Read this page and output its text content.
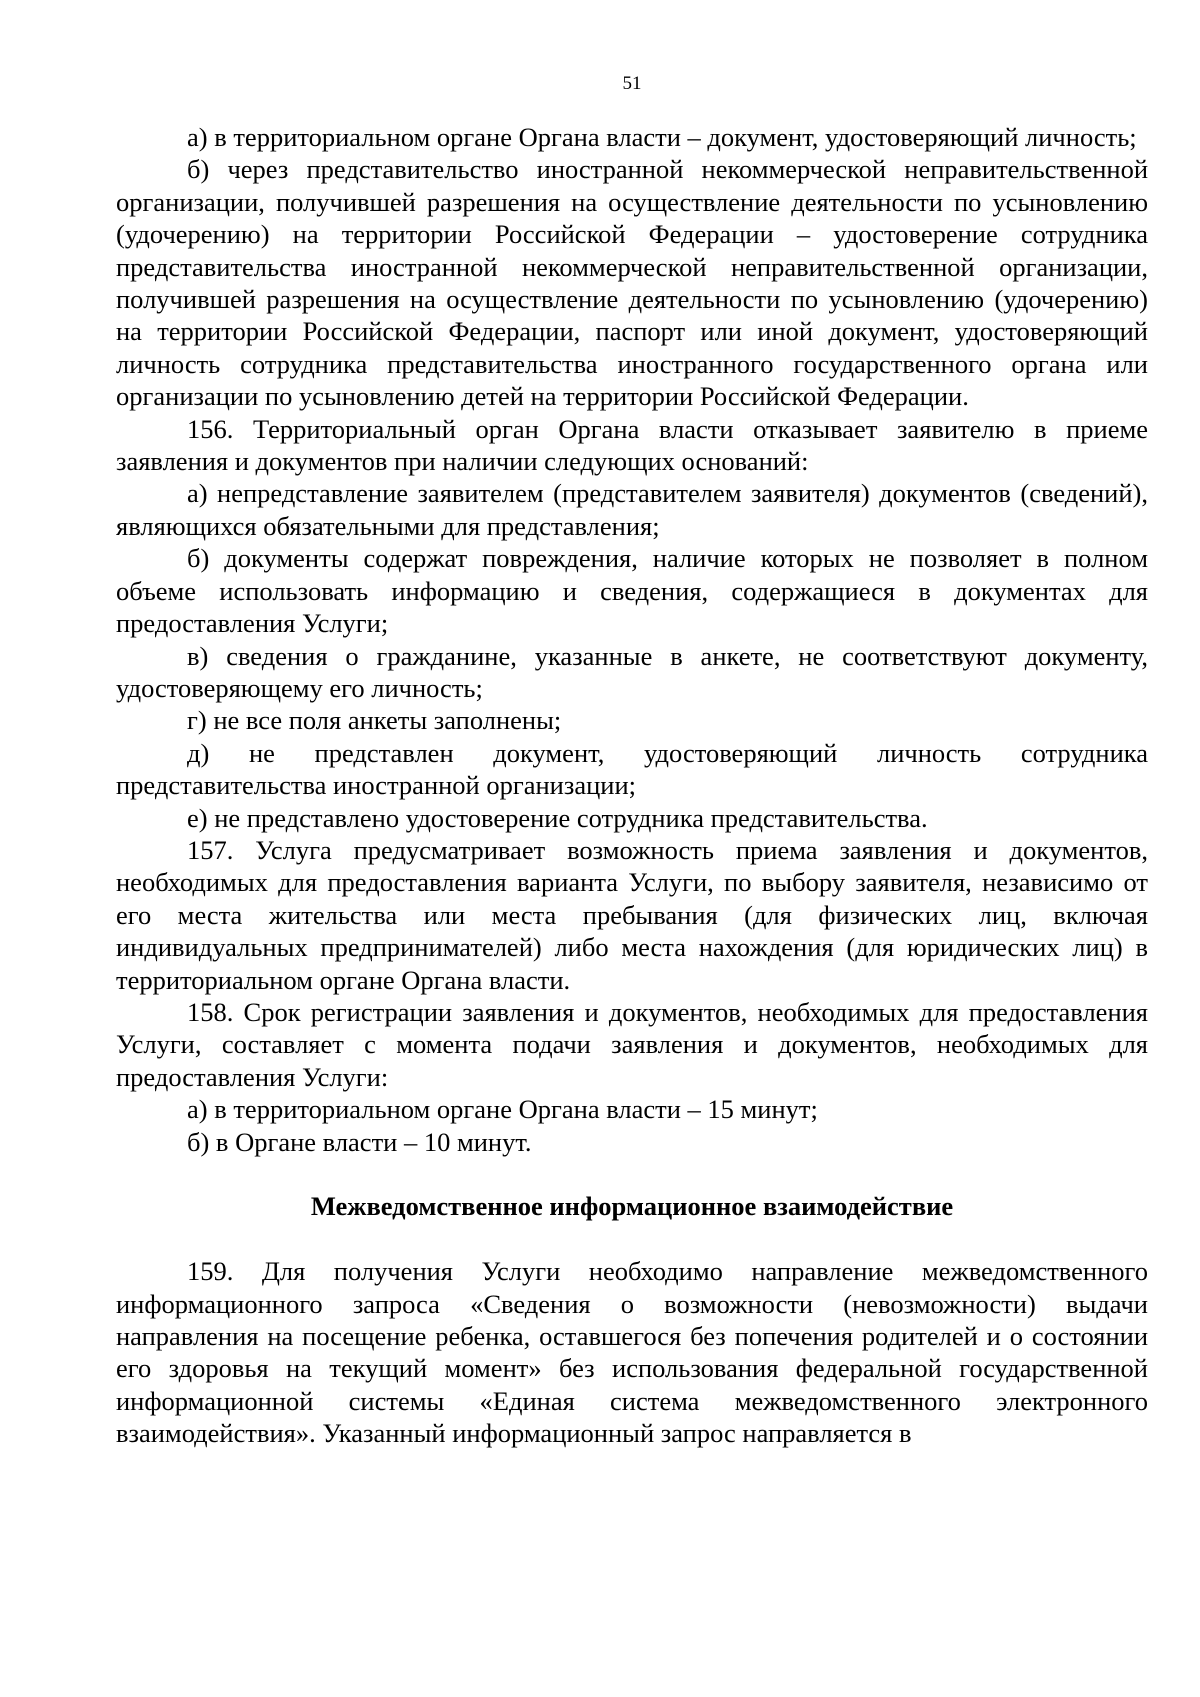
51

а) в территориальном органе Органа власти – документ, удостоверяющий личность;

б) через представительство иностранной некоммерческой неправительственной организации, получившей разрешения на осуществление деятельности по усыновлению (удочерению) на территории Российской Федерации – удостоверение сотрудника представительства иностранной некоммерческой неправительственной организации, получившей разрешения на осуществление деятельности по усыновлению (удочерению) на территории Российской Федерации, паспорт или иной документ, удостоверяющий личность сотрудника представительства иностранного государственного органа или организации по усыновлению детей на территории Российской Федерации.

156. Территориальный орган Органа власти отказывает заявителю в приеме заявления и документов при наличии следующих оснований:

а) непредставление заявителем (представителем заявителя) документов (сведений), являющихся обязательными для представления;

б) документы содержат повреждения, наличие которых не позволяет в полном объеме использовать информацию и сведения, содержащиеся в документах для предоставления Услуги;

в) сведения о гражданине, указанные в анкете, не соответствуют документу, удостоверяющему его личность;

г) не все поля анкеты заполнены;

д) не представлен документ, удостоверяющий личность сотрудника представительства иностранной организации;

е) не представлено удостоверение сотрудника представительства.

157. Услуга предусматривает возможность приема заявления и документов, необходимых для предоставления варианта Услуги, по выбору заявителя, независимо от его места жительства или места пребывания (для физических лиц, включая индивидуальных предпринимателей) либо места нахождения (для юридических лиц) в территориальном органе Органа власти.

158. Срок регистрации заявления и документов, необходимых для предоставления Услуги, составляет с момента подачи заявления и документов, необходимых для предоставления Услуги:

а) в территориальном органе Органа власти – 15 минут;

б) в Органе власти – 10 минут.

Межведомственное информационное взаимодействие

159. Для получения Услуги необходимо направление межведомственного информационного запроса «Сведения о возможности (невозможности) выдачи направления на посещение ребенка, оставшегося без попечения родителей и о состоянии его здоровья на текущий момент» без использования федеральной государственной информационной системы «Единая система межведомственного электронного взаимодействия». Указанный информационный запрос направляется в
